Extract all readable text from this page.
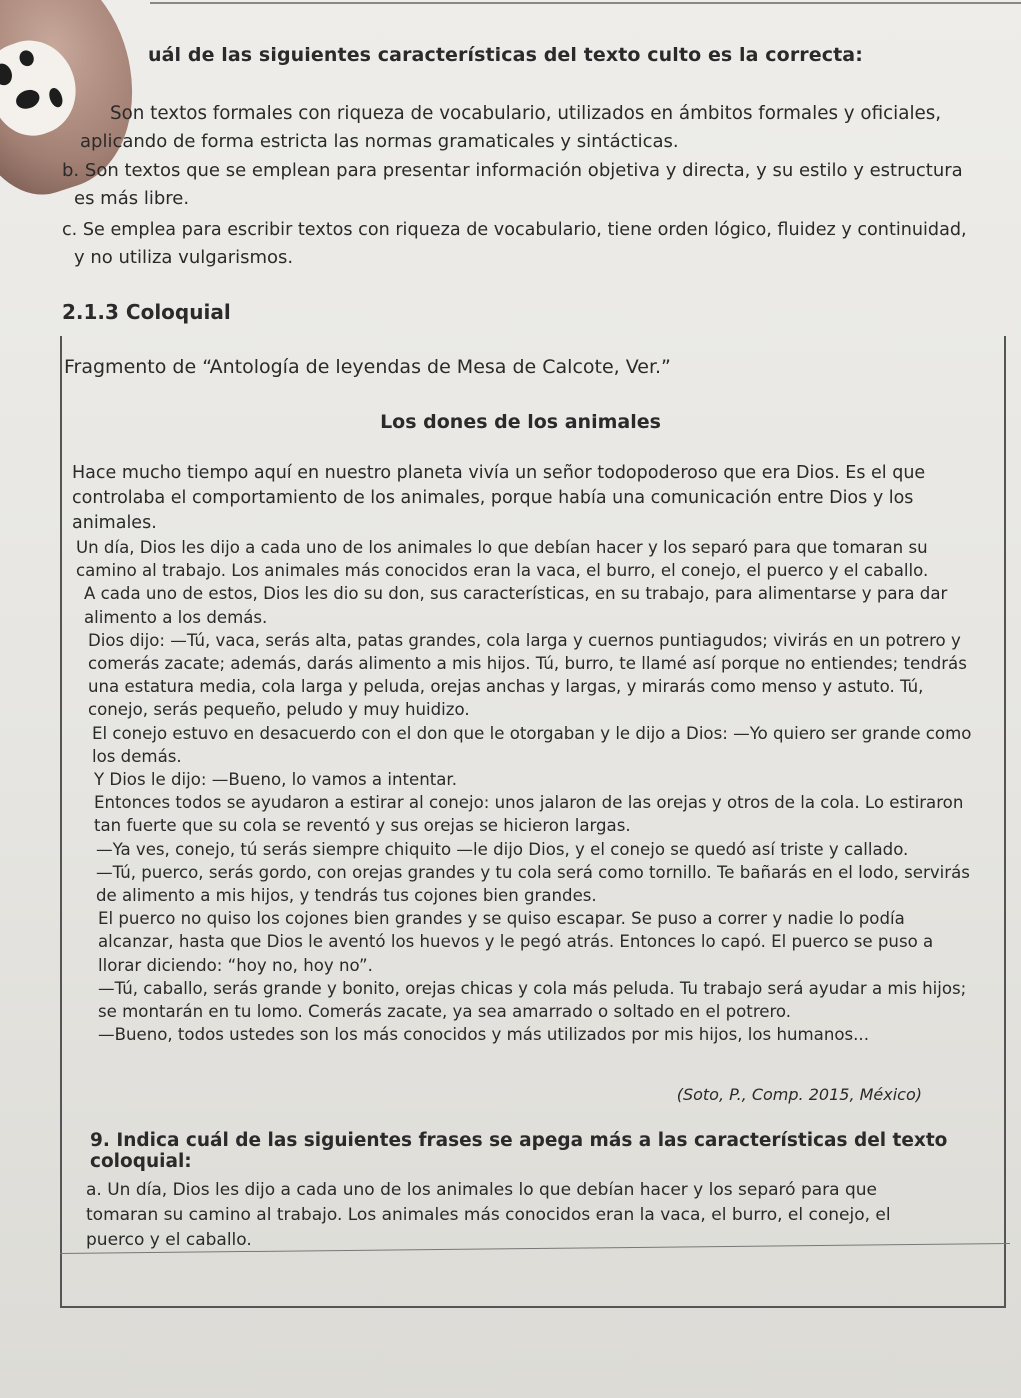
uál de las siguientes características del texto culto es la correcta:
Son textos formales con riqueza de vocabulario, utilizados en ámbitos formales y oficiales,
aplicando de forma estricta las normas gramaticales y sintácticas.
b. Son textos que se emplean para presentar información objetiva y directa, y su estilo y estructura
es más libre.
c. Se emplea para escribir textos con riqueza de vocabulario, tiene orden lógico, fluidez y continuidad,
y no utiliza vulgarismos.
2.1.3 Coloquial
Fragmento de “Antología de leyendas de Mesa de Calcote, Ver.”
Los dones de los animales

Hace mucho tiempo aquí en nuestro planeta vivía un señor todopoderoso que era Dios. Es el que controlaba el comportamiento de los animales, porque había una comunicación entre Dios y los animales.

Un día, Dios les dijo a cada uno de los animales lo que debían hacer y los separó para que tomaran su camino al trabajo. Los animales más conocidos eran la vaca, el burro, el conejo, el puerco y el caballo.

A cada uno de estos, Dios les dio su don, sus características, en su trabajo, para alimentarse y para dar alimento a los demás.

Dios dijo: —Tú, vaca, serás alta, patas grandes, cola larga y cuernos puntiagudos; vivirás en un potrero y comerás zacate; además, darás alimento a mis hijos. Tú, burro, te llamé así porque no entiendes; tendrás una estatura media, cola larga y peluda, orejas anchas y largas, y mirarás como menso y astuto. Tú, conejo, serás pequeño, peludo y muy huidizo.

El conejo estuvo en desacuerdo con el don que le otorgaban y le dijo a Dios: —Yo quiero ser grande como los demás.

Y Dios le dijo: —Bueno, lo vamos a intentar.

Entonces todos se ayudaron a estirar al conejo: unos jalaron de las orejas y otros de la cola. Lo estiraron tan fuerte que su cola se reventó y sus orejas se hicieron largas.

—Ya ves, conejo, tú serás siempre chiquito —le dijo Dios, y el conejo se quedó así triste y callado.

—Tú, puerco, serás gordo, con orejas grandes y tu cola será como tornillo. Te bañarás en el lodo, servirás de alimento a mis hijos, y tendrás tus cojones bien grandes.

El puerco no quiso los cojones bien grandes y se quiso escapar. Se puso a correr y nadie lo podía alcanzar, hasta que Dios le aventó los huevos y le pegó atrás. Entonces lo capó. El puerco se puso a llorar diciendo: “hoy no, hoy no”.

—Tú, caballo, serás grande y bonito, orejas chicas y cola más peluda. Tu trabajo será ayudar a mis hijos; se montarán en tu lomo. Comerás zacate, ya sea amarrado o soltado en el potrero.

—Bueno, todos ustedes son los más conocidos y más utilizados por mis hijos, los humanos...

(Soto, P., Comp. 2015, México)
9. Indica cuál de las siguientes frases se apega más a las características del texto coloquial:
a. Un día, Dios les dijo a cada uno de los animales lo que debían hacer y los separó para que tomaran su camino al trabajo. Los animales más conocidos eran la vaca, el burro, el conejo, el puerco y el caballo.
